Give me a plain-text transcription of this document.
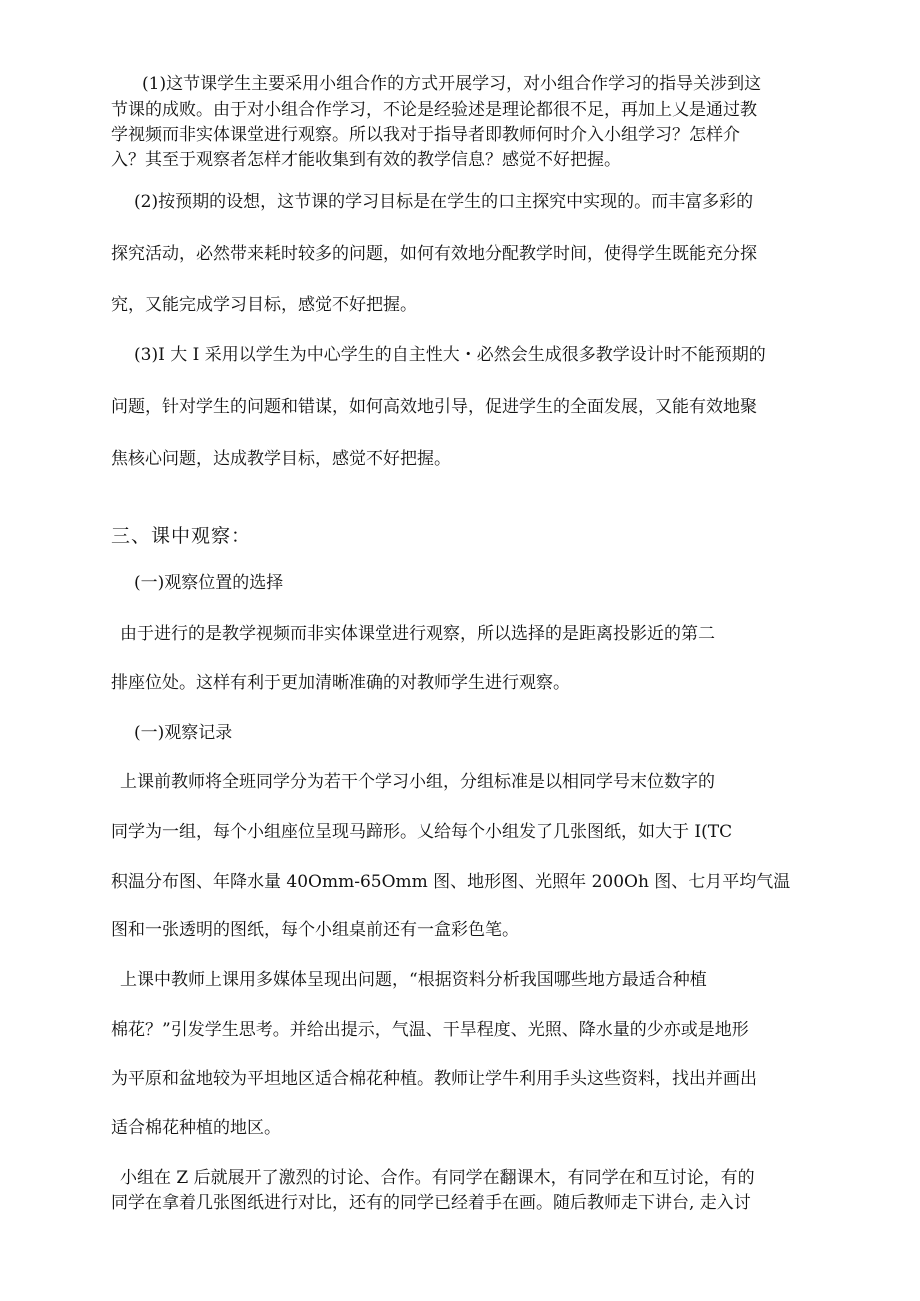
(1)这节课学生主要采用小组合作的方式开展学习，对小组合作学习的指导关涉到这
节课的成败。由于对小组合作学习，不论是经验述是理论都很不足，再加上乂是通过教
学视频而非实体课堂进行观察。所以我对于指导者即教师何时介入小组学习？怎样介
入？其至于观察者怎样才能收集到有效的教学信息？感觉不好把握。
(2)按预期的设想，这节课的学习目标是在学生的口主探究中实现的。而丰富多彩的
探究活动，必然带来耗时较多的问题，如何有效地分配教学时间，使得学生既能充分探
究，又能完成学习目标，感觉不好把握。
(3)I 大 I 采用以学生为中心学生的自主性大・必然会生成很多教学设计时不能预期的
问题，针对学生的问题和错谋，如何高效地引导，促进学生的全面发展，又能有效地聚
焦核心问题，达成教学目标，感觉不好把握。
三、课中观察：
(一)观察位置的选择
由于进行的是教学视频而非实体课堂进行观察，所以选择的是距离投影近的第二
排座位处。这样有利于更加清晰准确的对教师学生进行观察。
(一)观察记录
上课前教师将全班同学分为若干个学习小组，分组标准是以相同学号末位数字的
同学为一组，每个小组座位呈现马蹄形。乂给每个小组发了几张图纸，如大于 I(TC
积温分布图、年降水量 40Omm-65Omm 图、地形图、光照年 200Oh 图、七月平均气温
图和一张透明的图纸，每个小组桌前还有一盒彩色笔。
上课中教师上课用多媒体呈现出问题，“根据资料分析我国哪些地方最适合种植
棉花？”引发学生思考。并给出提示，气温、干旱程度、光照、降水量的少亦或是地形
为平原和盆地较为平坦地区适合棉花种植。教师让学牛利用手头这些资料，找出并画出
适合棉花种植的地区。
小组在 Z 后就展开了激烈的讨论、合作。有同学在翻课木，有同学在和互讨论，有的
同学在拿着几张图纸进行对比，还有的同学已经着手在画。随后教师走下讲台, 走入讨
